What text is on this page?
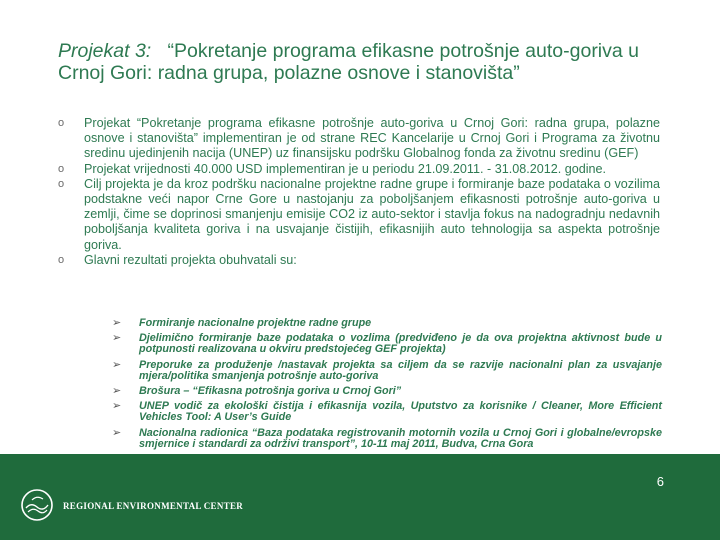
Projekat 3: “Pokretanje programa efikasne potrošnje auto-goriva u Crnoj Gori: radna grupa, polazne osnove i stanovišta”
o Projekat “Pokretanje programa efikasne potrošnje auto-goriva u Crnoj Gori: radna grupa, polazne osnove i stanovišta” implementiran je od strane REC Kancelarije u Crnoj Gori i Programa za životnu sredinu ujedinjenih nacija (UNEP) uz finansijsku podršku Globalnog fonda za životnu sredinu (GEF)
o Projekat vrijednosti 40.000 USD implementiran je u periodu 21.09.2011. - 31.08.2012. godine.
o Cilj projekta je da kroz podršku nacionalne projektne radne grupe i formiranje baze podataka o vozilima podstakne veći napor Crne Gore u nastojanju za poboljšanjem efikasnosti potrošnje auto-goriva u zemlji, čime se doprinosi smanjenju emisije CO2 iz auto-sektor i stavlja fokus na nadogradnju nedavnih poboljšanja kvaliteta goriva i na usvajanje čistijih, efikasnijih auto tehnologija sa aspekta potrošnje goriva.
o Glavni rezultati projekta obuhvatali su:
➢ Formiranje nacionalne projektne radne grupe
➢ Djelimično formiranje baze podataka o vozlima (predviđeno je da ova projektna aktivnost bude u potpunosti realizovana u okviru predstojećeg GEF projekta)
➢ Preporuke za produženje /nastavak projekta sa ciljem da se razvije nacionalni plan za usvajanje mjera/politika smanjenja potrošnje auto-goriva
➢ Brošura – “Efikasna potrošnja goriva u Crnoj Gori”
➢ UNEP vodič za ekološki čistija i efikasnija vozila, Uputstvo za korisnike / Cleaner, More Efficient Vehicles Tool: A User’s Guide
➢ Nacionalna radionica “Baza podataka registrovanih motornih vozila u Crnoj Gori i globalne/evropske smjernice i standardi za održivi transport”, 10-11 maj 2011, Budva, Crna Gora
REGIONAL ENVIRONMENTAL CENTER
6
